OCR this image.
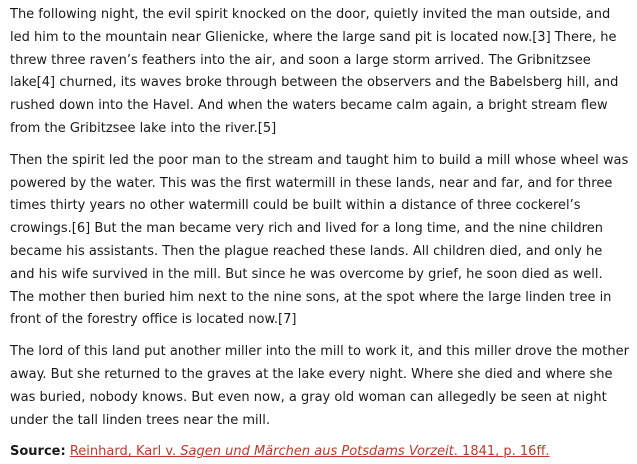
The following night, the evil spirit knocked on the door, quietly invited the man outside, and led him to the mountain near Glienicke, where the large sand pit is located now.[3] There, he threw three raven’s feathers into the air, and soon a large storm arrived. The Gribnitzsee lake[4] churned, its waves broke through between the observers and the Babelsberg hill, and rushed down into the Havel. And when the waters became calm again, a bright stream flew from the Gribitzsee lake into the river.[5]

Then the spirit led the poor man to the stream and taught him to build a mill whose wheel was powered by the water. This was the first watermill in these lands, near and far, and for three times thirty years no other watermill could be built within a distance of three cockerel’s crowings.[6] But the man became very rich and lived for a long time, and the nine children became his assistants. Then the plague reached these lands. All children died, and only he and his wife survived in the mill. But since he was overcome by grief, he soon died as well. The mother then buried him next to the nine sons, at the spot where the large linden tree in front of the forestry office is located now.[7]

The lord of this land put another miller into the mill to work it, and this miller drove the mother away. But she returned to the graves at the lake every night. Where she died and where she was buried, nobody knows. But even now, a gray old woman can allegedly be seen at night under the tall linden trees near the mill.

Source: Reinhard, Karl v. Sagen und Märchen aus Potsdams Vorzeit. 1841, p. 16ff.
